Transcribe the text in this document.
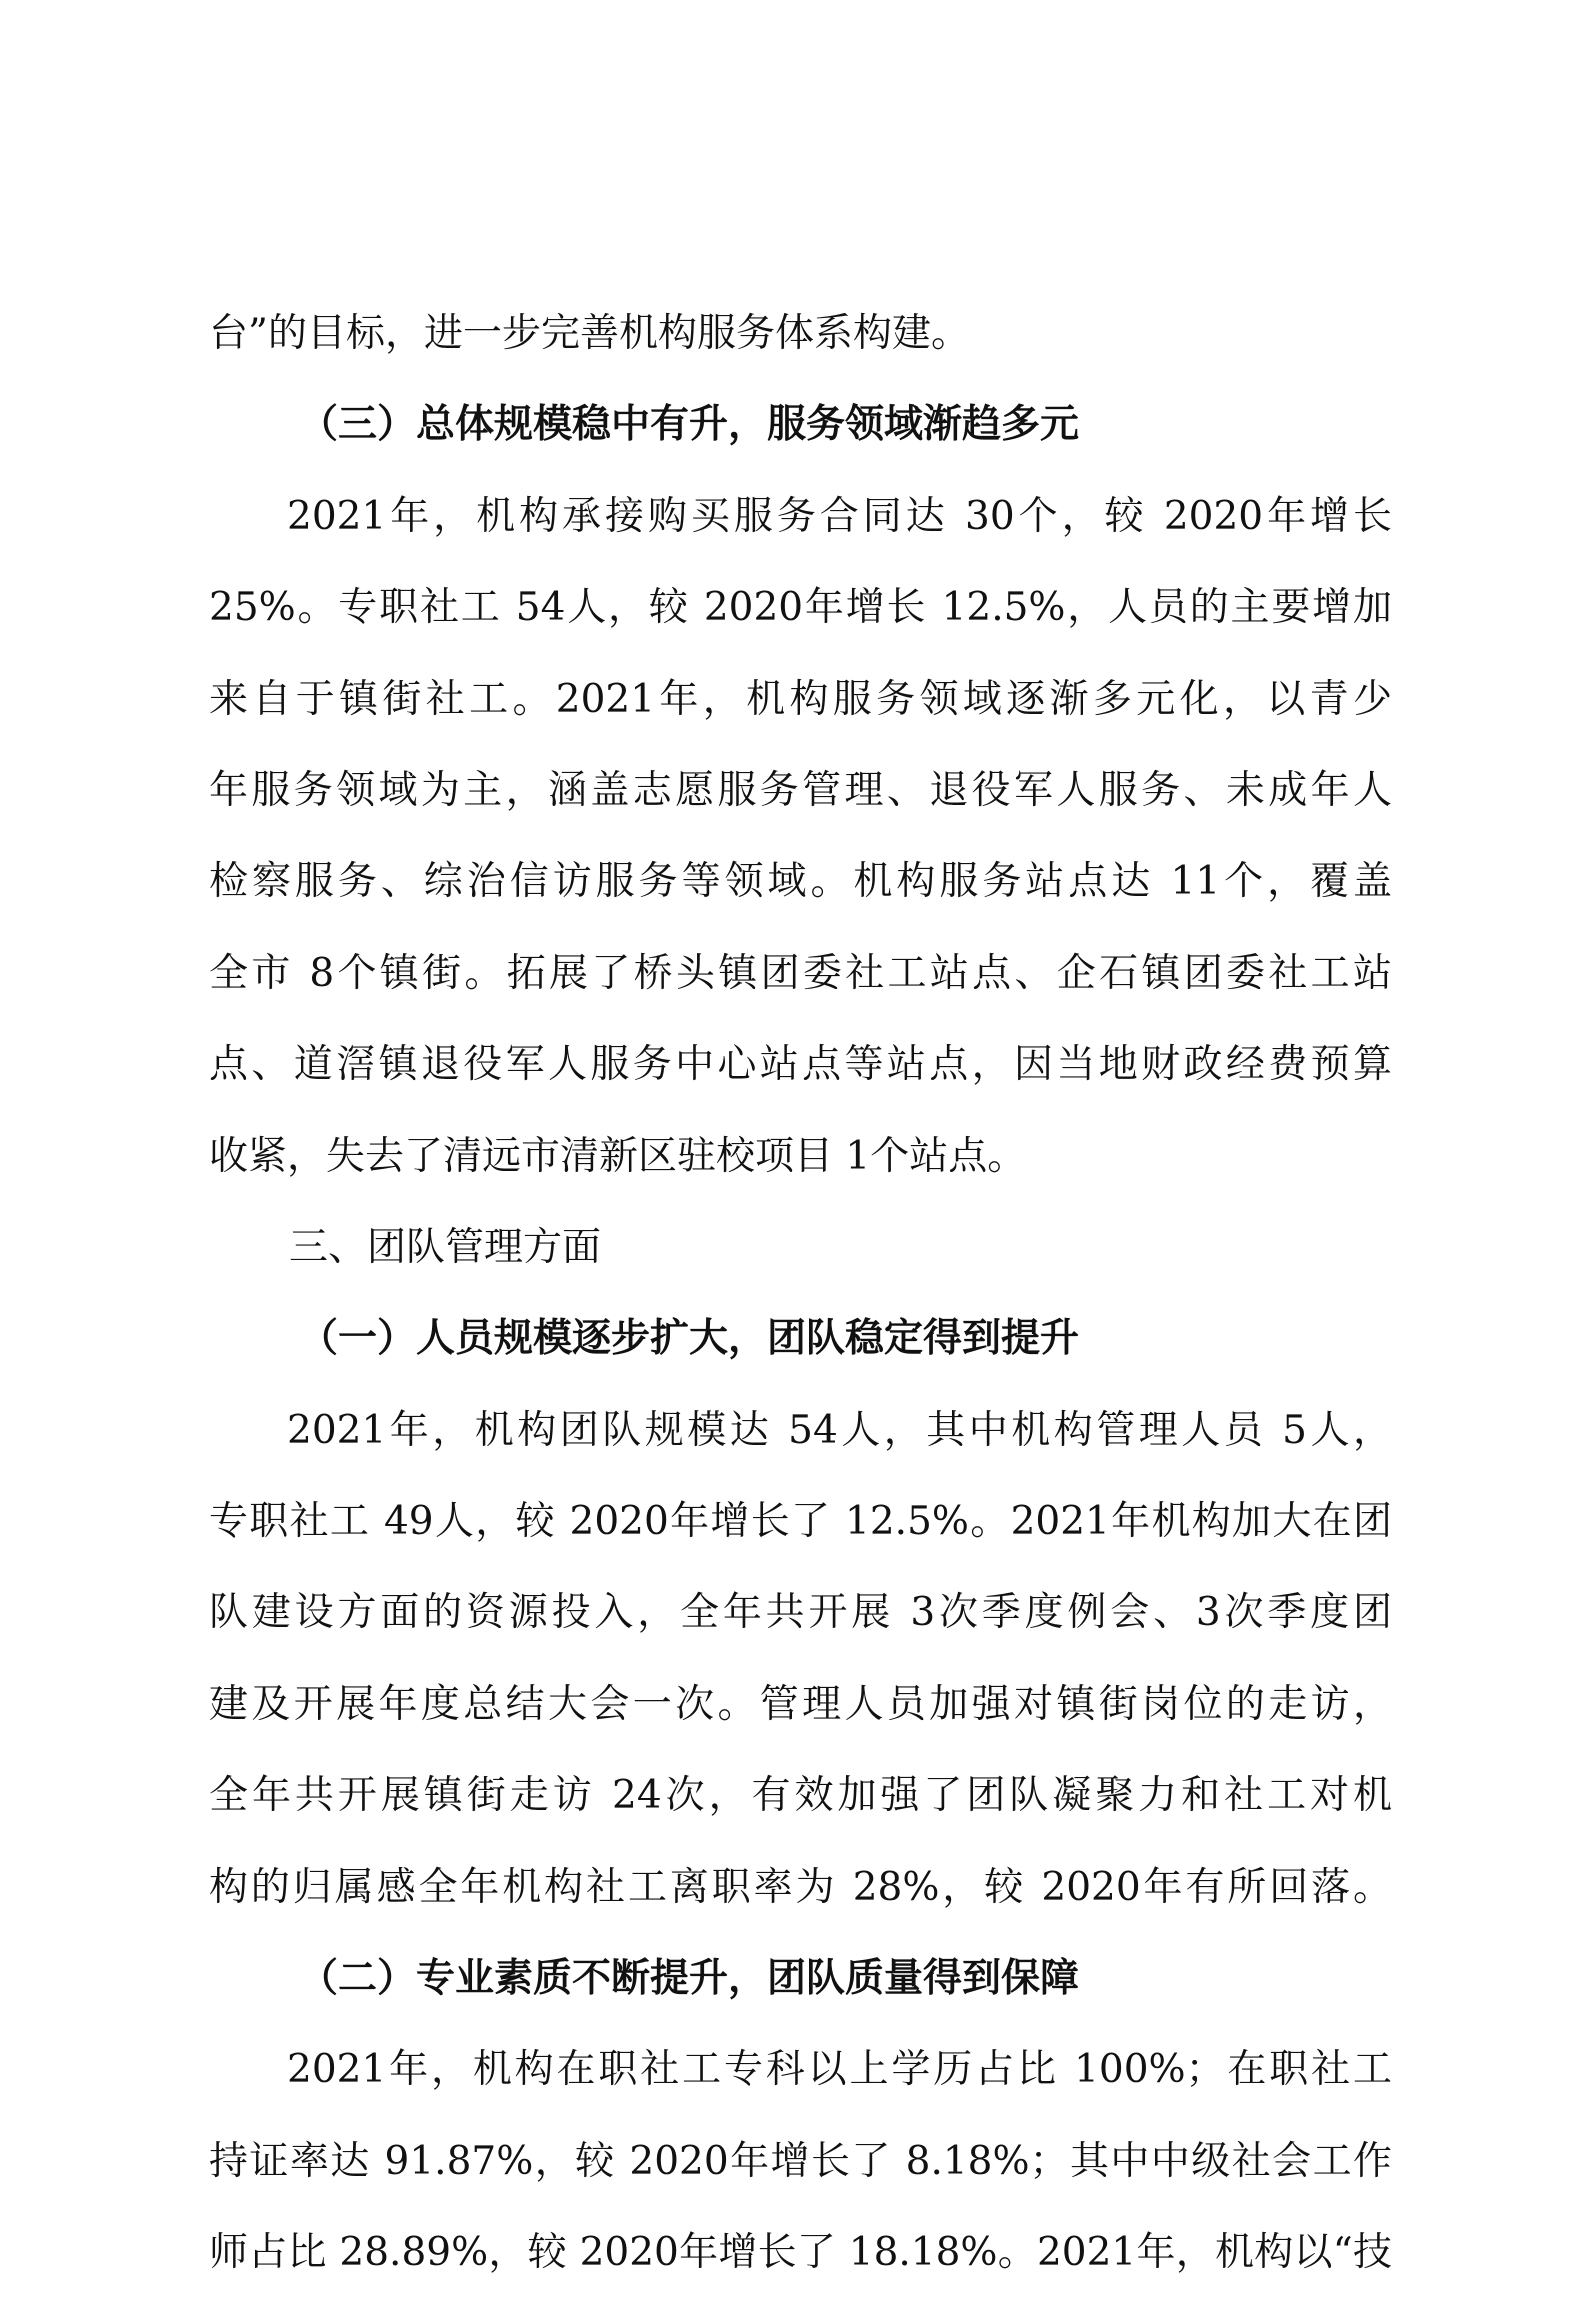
台”的目标，进一步完善机构服务体系构建。
（三）总体规模稳中有升，服务领域渐趋多元
2021年，机构承接购买服务合同达 30个，较 2020年增长
25%。专职社工 54人，较 2020年增长 12.5%，人员的主要增加
来自于镇街社工。2021年，机构服务领域逐渐多元化，以青少
年服务领域为主，涵盖志愿服务管理、退役军人服务、未成年人
检察服务、综治信访服务等领域。机构服务站点达 11个，覆盖
全市 8个镇街。拓展了桥头镇团委社工站点、企石镇团委社工站
点、道滘镇退役军人服务中心站点等站点，因当地财政经费预算
收紧，失去了清远市清新区驻校项目 1个站点。
三、团队管理方面
（一）人员规模逐步扩大，团队稳定得到提升
2021年，机构团队规模达 54人，其中机构管理人员 5人，
专职社工 49人，较 2020年增长了 12.5%。2021年机构加大在团
队建设方面的资源投入，全年共开展 3次季度例会、3次季度团
建及开展年度总结大会一次。管理人员加强对镇街岗位的走访，
全年共开展镇街走访 24次，有效加强了团队凝聚力和社工对机
构的归属感全年机构社工离职率为 28%，较 2020年有所回落。
（二）专业素质不断提升，团队质量得到保障
2021年，机构在职社工专科以上学历占比 100%；在职社工
持证率达 91.87%，较 2020年增长了 8.18%；其中中级社会工作
师占比 28.89%，较 2020年增长了 18.18%。2021年，机构以“技
